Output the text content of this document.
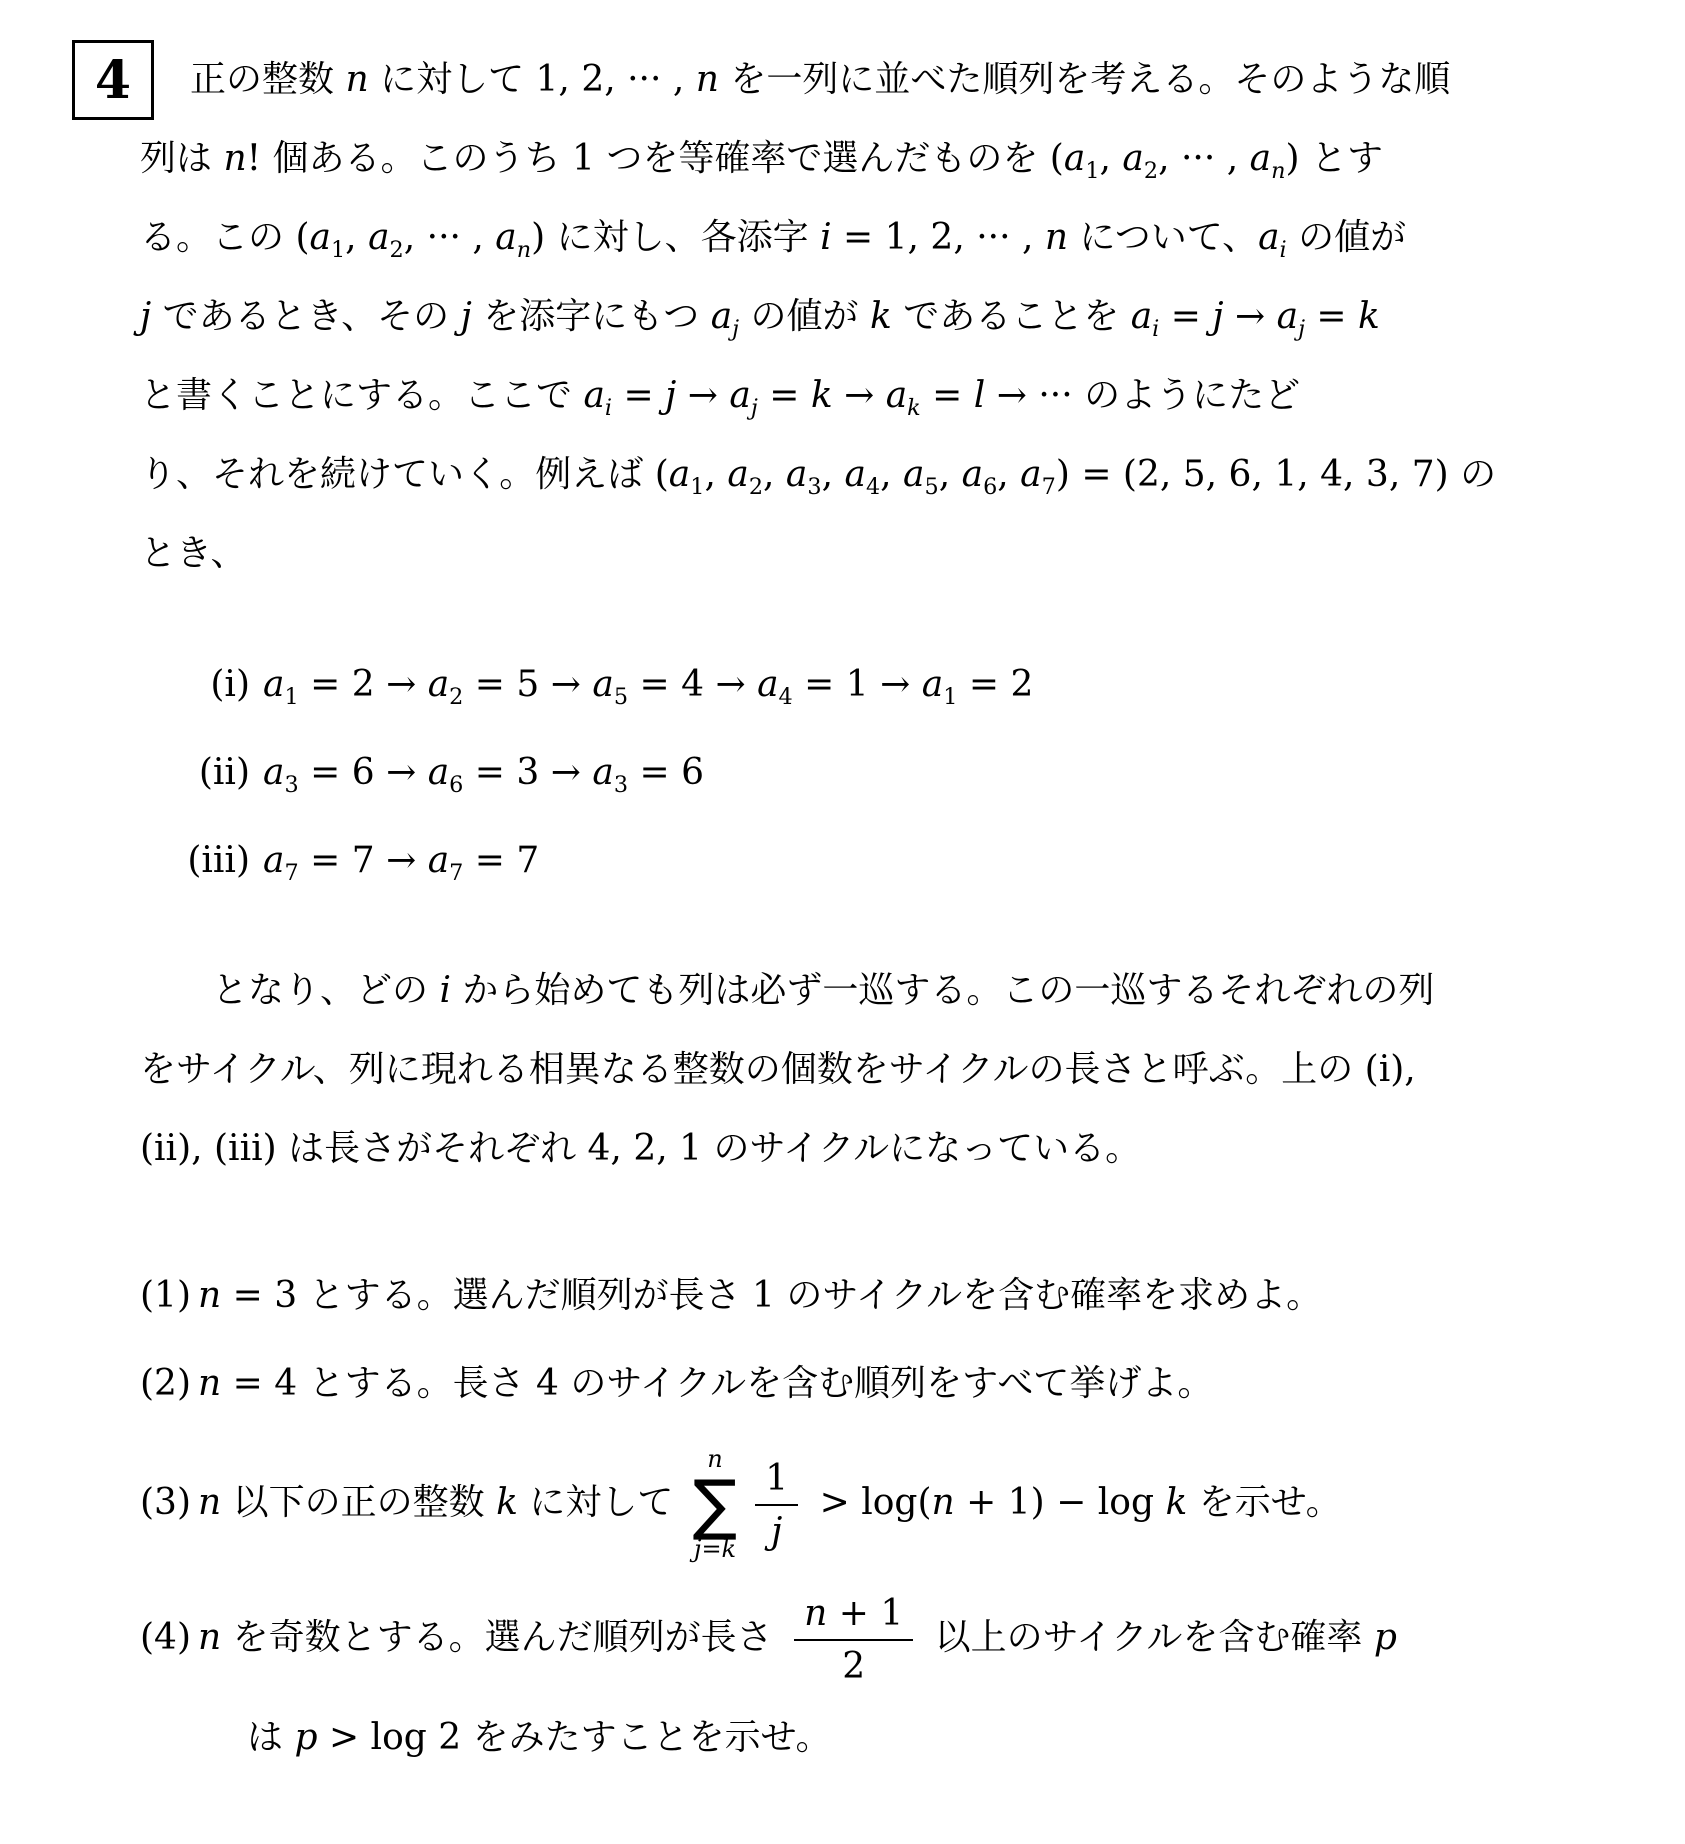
4	正の整数 n に対して 1, 2, ··· , n を一列に並べた順列を考える。そのような順
列は n! 個ある。このうち 1 つを等確率で選んだものを ($a_1$, $a_2$, ··· , $a_n$) とす
る。この ($a_1$, $a_2$, ··· , $a_n$) に対し、各添字 i = 1, 2, ··· , n について、$a_i$ の値が
j であるとき、その j を添字にもつ $a_j$ の値が k であることを $a_i = j \to a_j = k$
と書くことにする。ここで $a_i = j \to a_j = k \to a_k = l$ → ··· のようにたど
り、それを続けていく。例えば ($a_1$, $a_2$, $a_3$, $a_4$, $a_5$, $a_6$, $a_7) = (2$, 5, 6, 1, 4, 3, 7) の
とき、
(i) $a_1 = 2 \to a_2 = 5 \to a_5 = 4 \to a_4 = 1 \to a_1 = 2$
(ii) $a_3 = 6 \to a_6 = 3 \to a_3 = 6$
(iii) $a_7 = 7 \to a_7 = 7$
となり、どの i から始めても列は必ず一巡する。この一巡するそれぞれの列
をサイクル、列に現れる相異なる整数の個数をサイクルの長さと呼ぶ。上の (i),
(ii), (iii) は長さがそれぞれ 4, 2, 1 のサイクルになっている。
(1) n = 3 とする。選んだ順列が長さ 1 のサイクルを含む確率を求めよ。
(2) n = 4 とする。長さ 4 のサイクルを含む順列をすべて挙げよ。
(3) n 以下の正の整数 k に対して
n
∑
$j=k \frac{1}{j} > \log(n + 1) - \log k$ を示せ。
(4) n を奇数とする。選んだ順列が長さ $\frac{n + 1}{2}$ 以上のサイクルを含む確率 p
は p > log 2 をみたすことを示せ。
